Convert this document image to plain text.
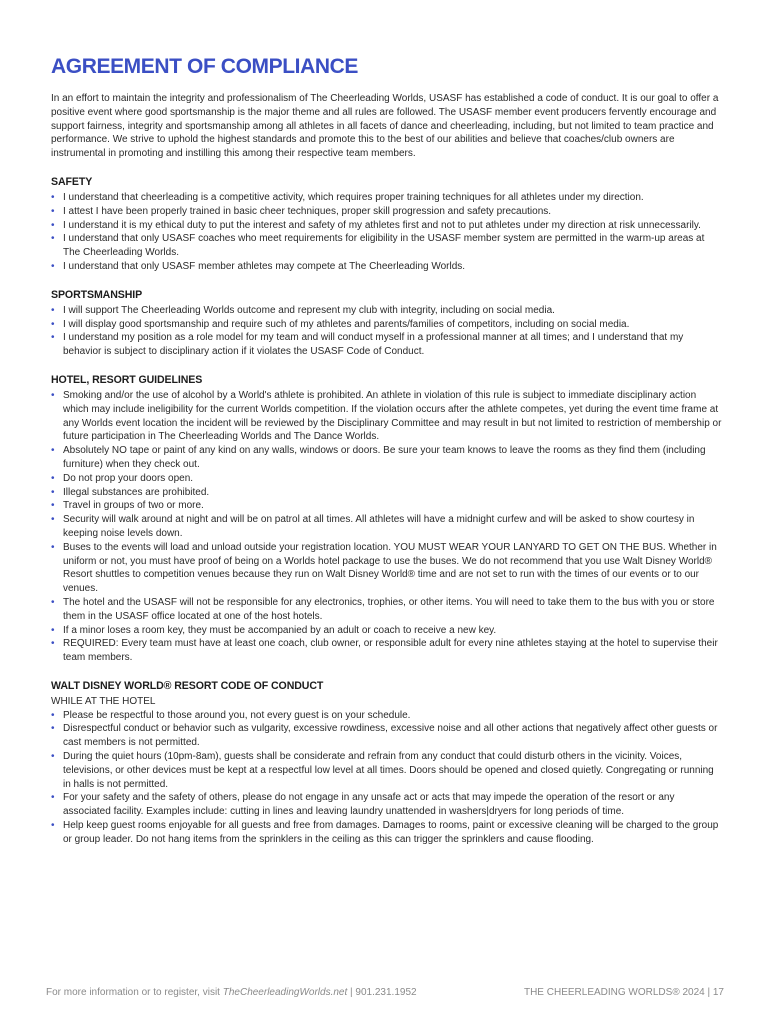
AGREEMENT OF COMPLIANCE

In an effort to maintain the integrity and professionalism of The Cheerleading Worlds, USASF has established a code of conduct. It is our goal to offer a positive event where good sportsmanship is the major theme and all rules are followed. The USASF member event producers fervently encourage and support fairness, integrity and sportsmanship among all athletes in all facets of dance and cheerleading, including, but not limited to team practice and performance. We strive to uphold the highest standards and promote this to the best of our abilities and believe that coaches/club owners are instrumental in promoting and instilling this among their respective team members.

SAFETY
• I understand that cheerleading is a competitive activity, which requires proper training techniques for all athletes under my direction.
• I attest I have been properly trained in basic cheer techniques, proper skill progression and safety precautions.
• I understand it is my ethical duty to put the interest and safety of my athletes first and not to put athletes under my direction at risk unnecessarily.
• I understand that only USASF coaches who meet requirements for eligibility in the USASF member system are permitted in the warm-up areas at The Cheerleading Worlds.
• I understand that only USASF member athletes may compete at The Cheerleading Worlds.
SPORTSMANSHIP
• I will support The Cheerleading Worlds outcome and represent my club with integrity, including on social media.
• I will display good sportsmanship and require such of my athletes and parents/families of competitors, including on social media.
• I understand my position as a role model for my team and will conduct myself in a professional manner at all times; and I understand that my behavior is subject to disciplinary action if it violates the USASF Code of Conduct.
HOTEL, RESORT GUIDELINES
• Smoking and/or the use of alcohol by a World's athlete is prohibited. An athlete in violation of this rule is subject to immediate disciplinary action which may include ineligibility for the current Worlds competition. If the violation occurs after the athlete competes, yet during the event time frame at any Worlds event location the incident will be reviewed by the Disciplinary Committee and may result in but not limited to restriction of membership or future participation in The Cheerleading Worlds and The Dance Worlds.
• Absolutely NO tape or paint of any kind on any walls, windows or doors. Be sure your team knows to leave the rooms as they find them (including furniture) when they check out.
• Do not prop your doors open.
• Illegal substances are prohibited.
• Travel in groups of two or more.
• Security will walk around at night and will be on patrol at all times. All athletes will have a midnight curfew and will be asked to show courtesy in keeping noise levels down.
• Buses to the events will load and unload outside your registration location. YOU MUST WEAR YOUR LANYARD TO GET ON THE BUS. Whether in uniform or not, you must have proof of being on a Worlds hotel package to use the buses. We do not recommend that you use Walt Disney World® Resort shuttles to competition venues because they run on Walt Disney World® time and are not set to run with the times of our events or to our venues.
• The hotel and the USASF will not be responsible for any electronics, trophies, or other items. You will need to take them to the bus with you or store them in the USASF office located at one of the host hotels.
• If a minor loses a room key, they must be accompanied by an adult or coach to receive a new key.
• REQUIRED: Every team must have at least one coach, club owner, or responsible adult for every nine athletes staying at the hotel to supervise their team members.
WALT DISNEY WORLD® RESORT CODE OF CONDUCT

WHILE AT THE HOTEL

• Please be respectful to those around you, not every guest is on your schedule.
• Disrespectful conduct or behavior such as vulgarity, excessive rowdiness, excessive noise and all other actions that negatively affect other guests or cast members is not permitted.
• During the quiet hours (10pm-8am), guests shall be considerate and refrain from any conduct that could disturb others in the vicinity. Voices, televisions, or other devices must be kept at a respectful low level at all times. Doors should be opened and closed quietly. Congregating or running in halls is not permitted.
• For your safety and the safety of others, please do not engage in any unsafe act or acts that may impede the operation of the resort or any associated facility. Examples include: cutting in lines and leaving laundry unattended in washers|dryers for long periods of time.
• Help keep guest rooms enjoyable for all guests and free from damages. Damages to rooms, paint or excessive cleaning will be charged to the group or group leader. Do not hang items from the sprinklers in the ceiling as this can trigger the sprinklers and cause flooding.
For more information or to register, visit TheCheerleadingWorlds.net | 901.231.1952	THE CHEERLEADING WORLDS® 2024 | 17
